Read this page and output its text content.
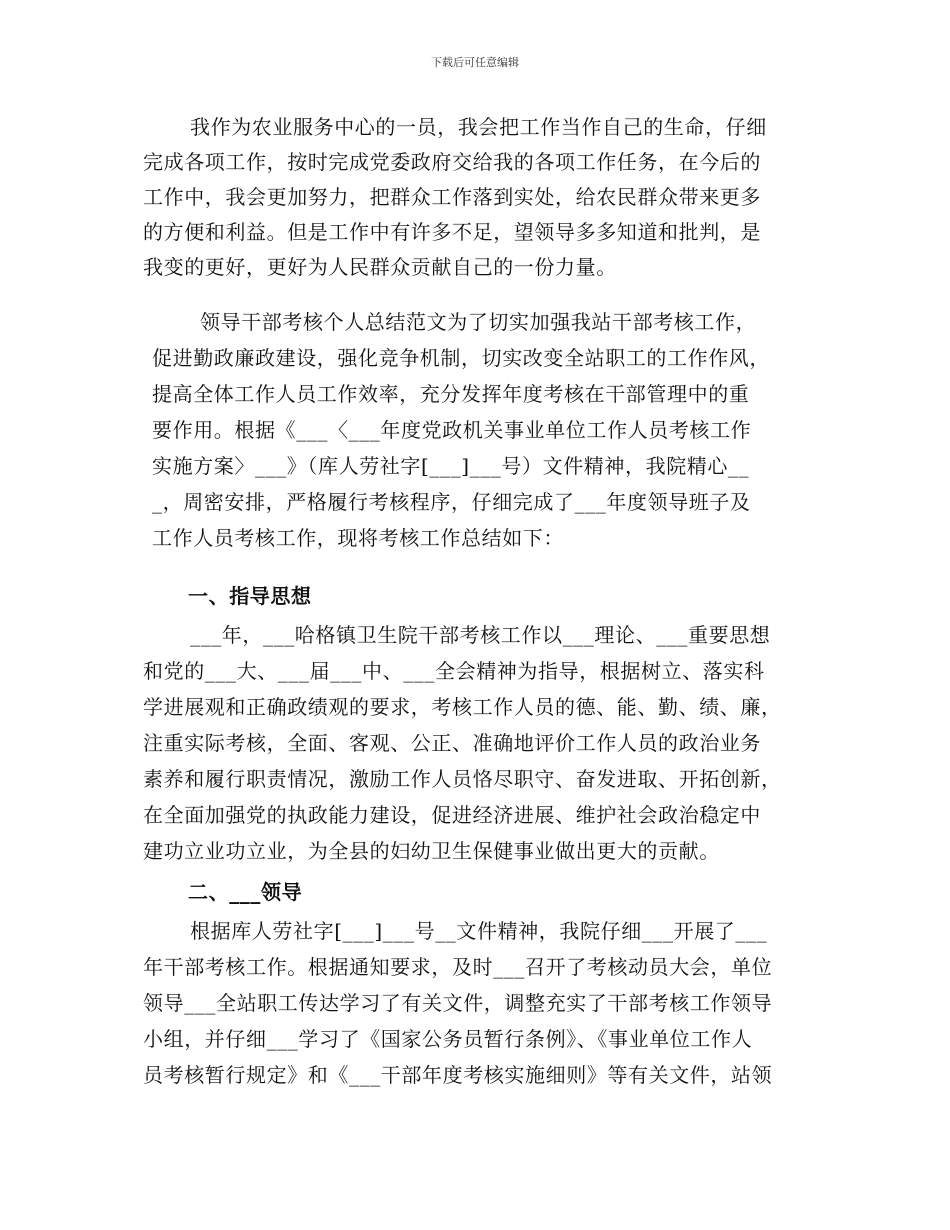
下载后可任意编辑
我作为农业服务中心的一员，我会把工作当作自己的生命，仔细
完成各项工作，按时完成党委政府交给我的各项工作任务，在今后的
工作中，我会更加努力，把群众工作落到实处，给农民群众带来更多
的方便和利益。但是工作中有许多不足，望领导多多知道和批判，是
我变的更好，更好为人民群众贡献自己的一份力量。
领导干部考核个人总结范文为了切实加强我站干部考核工作，
促进勤政廉政建设，强化竞争机制，切实改变全站职工的工作作风，
提高全体工作人员工作效率，充分发挥年度考核在干部管理中的重
要作用。根据《___〈___年度党政机关事业单位工作人员考核工作
实施方案〉___》（库人劳社字[___]___号）文件精神，我院精心__
_，周密安排，严格履行考核程序，仔细完成了___年度领导班子及
工作人员考核工作，现将考核工作总结如下：
一、指导思想
___年，___哈格镇卫生院干部考核工作以___理论、___重要思想
和党的___大、___届___中、___全会精神为指导，根据树立、落实科
学进展观和正确政绩观的要求，考核工作人员的德、能、勤、绩、廉，
注重实际考核，全面、客观、公正、准确地评价工作人员的政治业务
素养和履行职责情况，激励工作人员恪尽职守、奋发进取、开拓创新，
在全面加强党的执政能力建设，促进经济进展、维护社会政治稳定中
建功立业功立业，为全县的妇幼卫生保健事业做出更大的贡献。
二、___领导
根据库人劳社字[___]___号__文件精神，我院仔细___开展了___
年干部考核工作。根据通知要求，及时___召开了考核动员大会，单位
领导___全站职工传达学习了有关文件，调整充实了干部考核工作领导
小组，并仔细___学习了《国家公务员暂行条例》、《事业单位工作人
员考核暂行规定》和《___干部年度考核实施细则》等有关文件，站领
